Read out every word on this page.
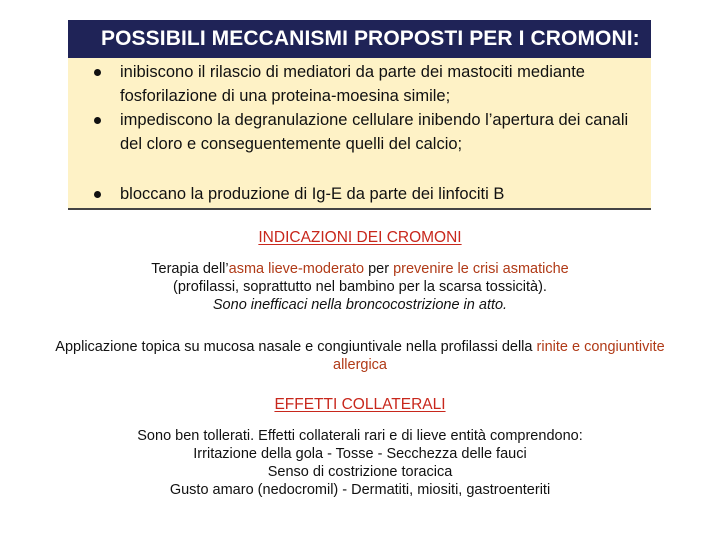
POSSIBILI MECCANISMI PROPOSTI PER I CROMONI:
inibiscono il rilascio di mediatori da parte dei mastociti mediante fosforilazione di una proteina-moesina simile;
impediscono la degranulazione cellulare inibendo l’apertura dei canali del cloro e conseguentemente quelli del calcio;
bloccano la produzione di Ig-E da parte dei linfociti B
INDICAZIONI DEI CROMONI
Terapia dell’asma lieve-moderato per prevenire le crisi asmatiche
(profilassi, soprattutto nel bambino per la scarsa tossicità).
Sono inefficaci nella broncocostrizione in atto.
Applicazione topica su mucosa nasale e congiuntivale nella profilassi della rinite e congiuntivite allergica
EFFETTI COLLATERALI
Sono ben tollerati. Effetti collaterali rari e di lieve entità comprendono:
Irritazione della gola - Tosse - Secchezza delle fauci
Senso di costrizione toracica
Gusto amaro (nedocromil) - Dermatiti, miositi, gastroenteriti
